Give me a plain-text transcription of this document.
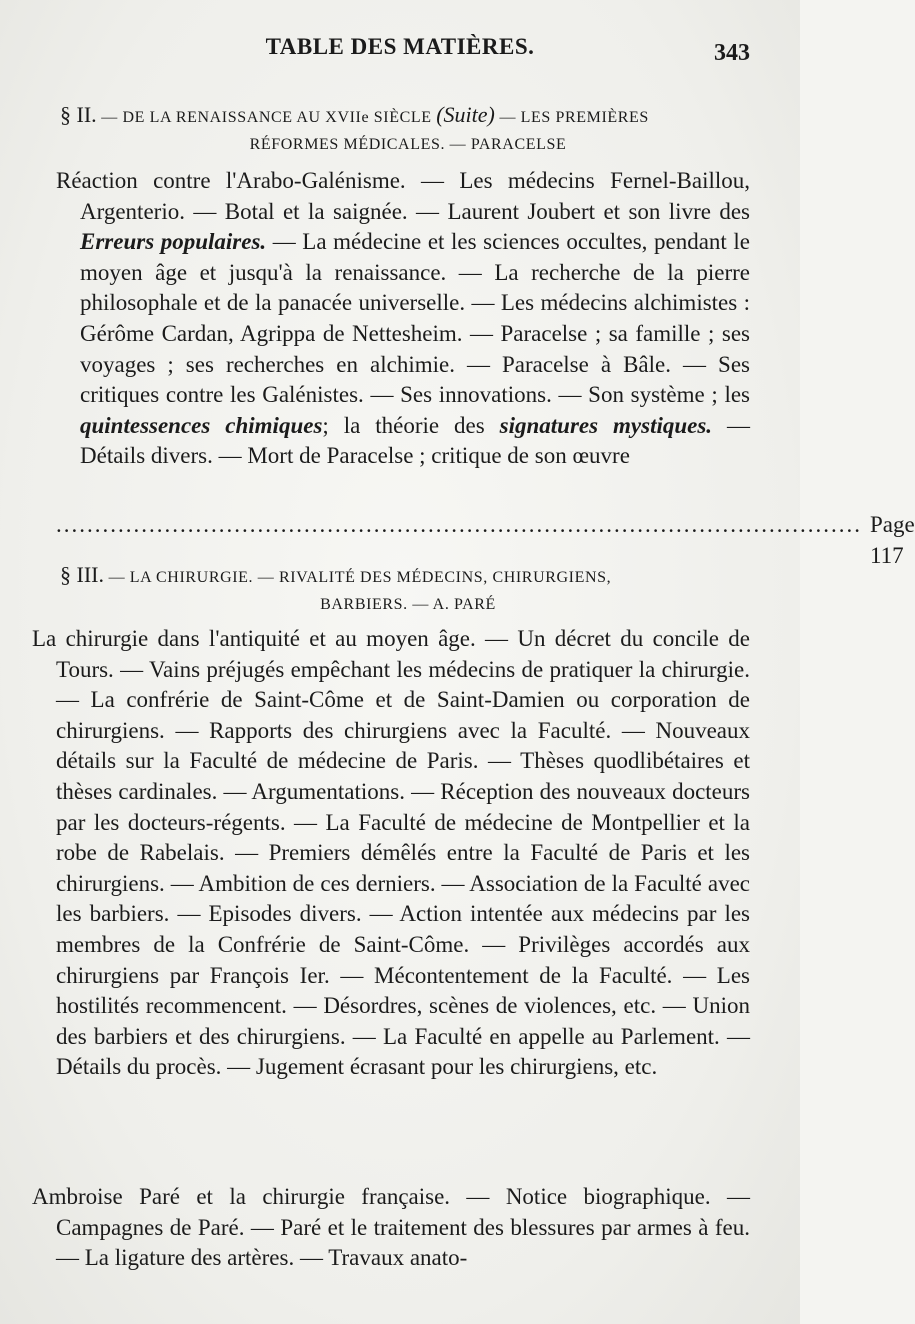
TABLE DES MATIÈRES.	343
§ II. — DE LA RENAISSANCE AU XVIIe SIÈCLE (Suite) — LES PREMIÈRES
RÉFORMES MÉDICALES. — PARACELSE
Réaction contre l'Arabo-Galénisme. — Les médecins Fernel-Baillou, Argenterio. — Botal et la saignée. — Laurent Joubert et son livre des Erreurs populaires. — La médecine et les sciences occultes, pendant le moyen âge et jusqu'à la renaissance. — La recherche de la pierre philosophale et de la panacée universelle. — Les médecins alchimistes : Gérôme Cardan, Agrippa de Nettesheim. — Paracelse ; sa famille ; ses voyages ; ses recherches en alchimie. — Paracelse à Bâle. — Ses critiques contre les Galénistes. — Ses innovations. — Son système ; les quintessences chimiques; la théorie des signatures mystiques. — Détails divers. — Mort de Paracelse ; critique de son œuvre
........................................................................................................ Page 117
§ III. — LA CHIRURGIE. — RIVALITÉ DES MÉDECINS, CHIRURGIENS,
BARBIERS. — A. PARÉ
La chirurgie dans l'antiquité et au moyen âge. — Un décret du concile de Tours. — Vains préjugés empêchant les médecins de pratiquer la chirurgie. — La confrérie de Saint-Côme et de Saint-Damien ou corporation de chirurgiens. — Rapports des chirurgiens avec la Faculté. — Nouveaux détails sur la Faculté de médecine de Paris. — Thèses quodlibétaires et thèses cardinales. — Argumentations. — Réception des nouveaux docteurs par les docteurs-régents. — La Faculté de médecine de Montpellier et la robe de Rabelais. — Premiers démêlés entre la Faculté de Paris et les chirurgiens. — Ambition de ces derniers. — Association de la Faculté avec les barbiers. — Episodes divers. — Action intentée aux médecins par les membres de la Confrérie de Saint-Côme. — Privilèges accordés aux chirurgiens par François Ier. — Mécontentement de la Faculté. — Les hostilités recommencent. — Désordres, scènes de violences, etc. — Union des barbiers et des chirurgiens. — La Faculté en appelle au Parlement. — Détails du procès. — Jugement écrasant pour les chirurgiens, etc.
Ambroise Paré et la chirurgie française. — Notice biographique. — Campagnes de Paré. — Paré et le traitement des blessures par armes à feu. — La ligature des artères. — Travaux anato-
